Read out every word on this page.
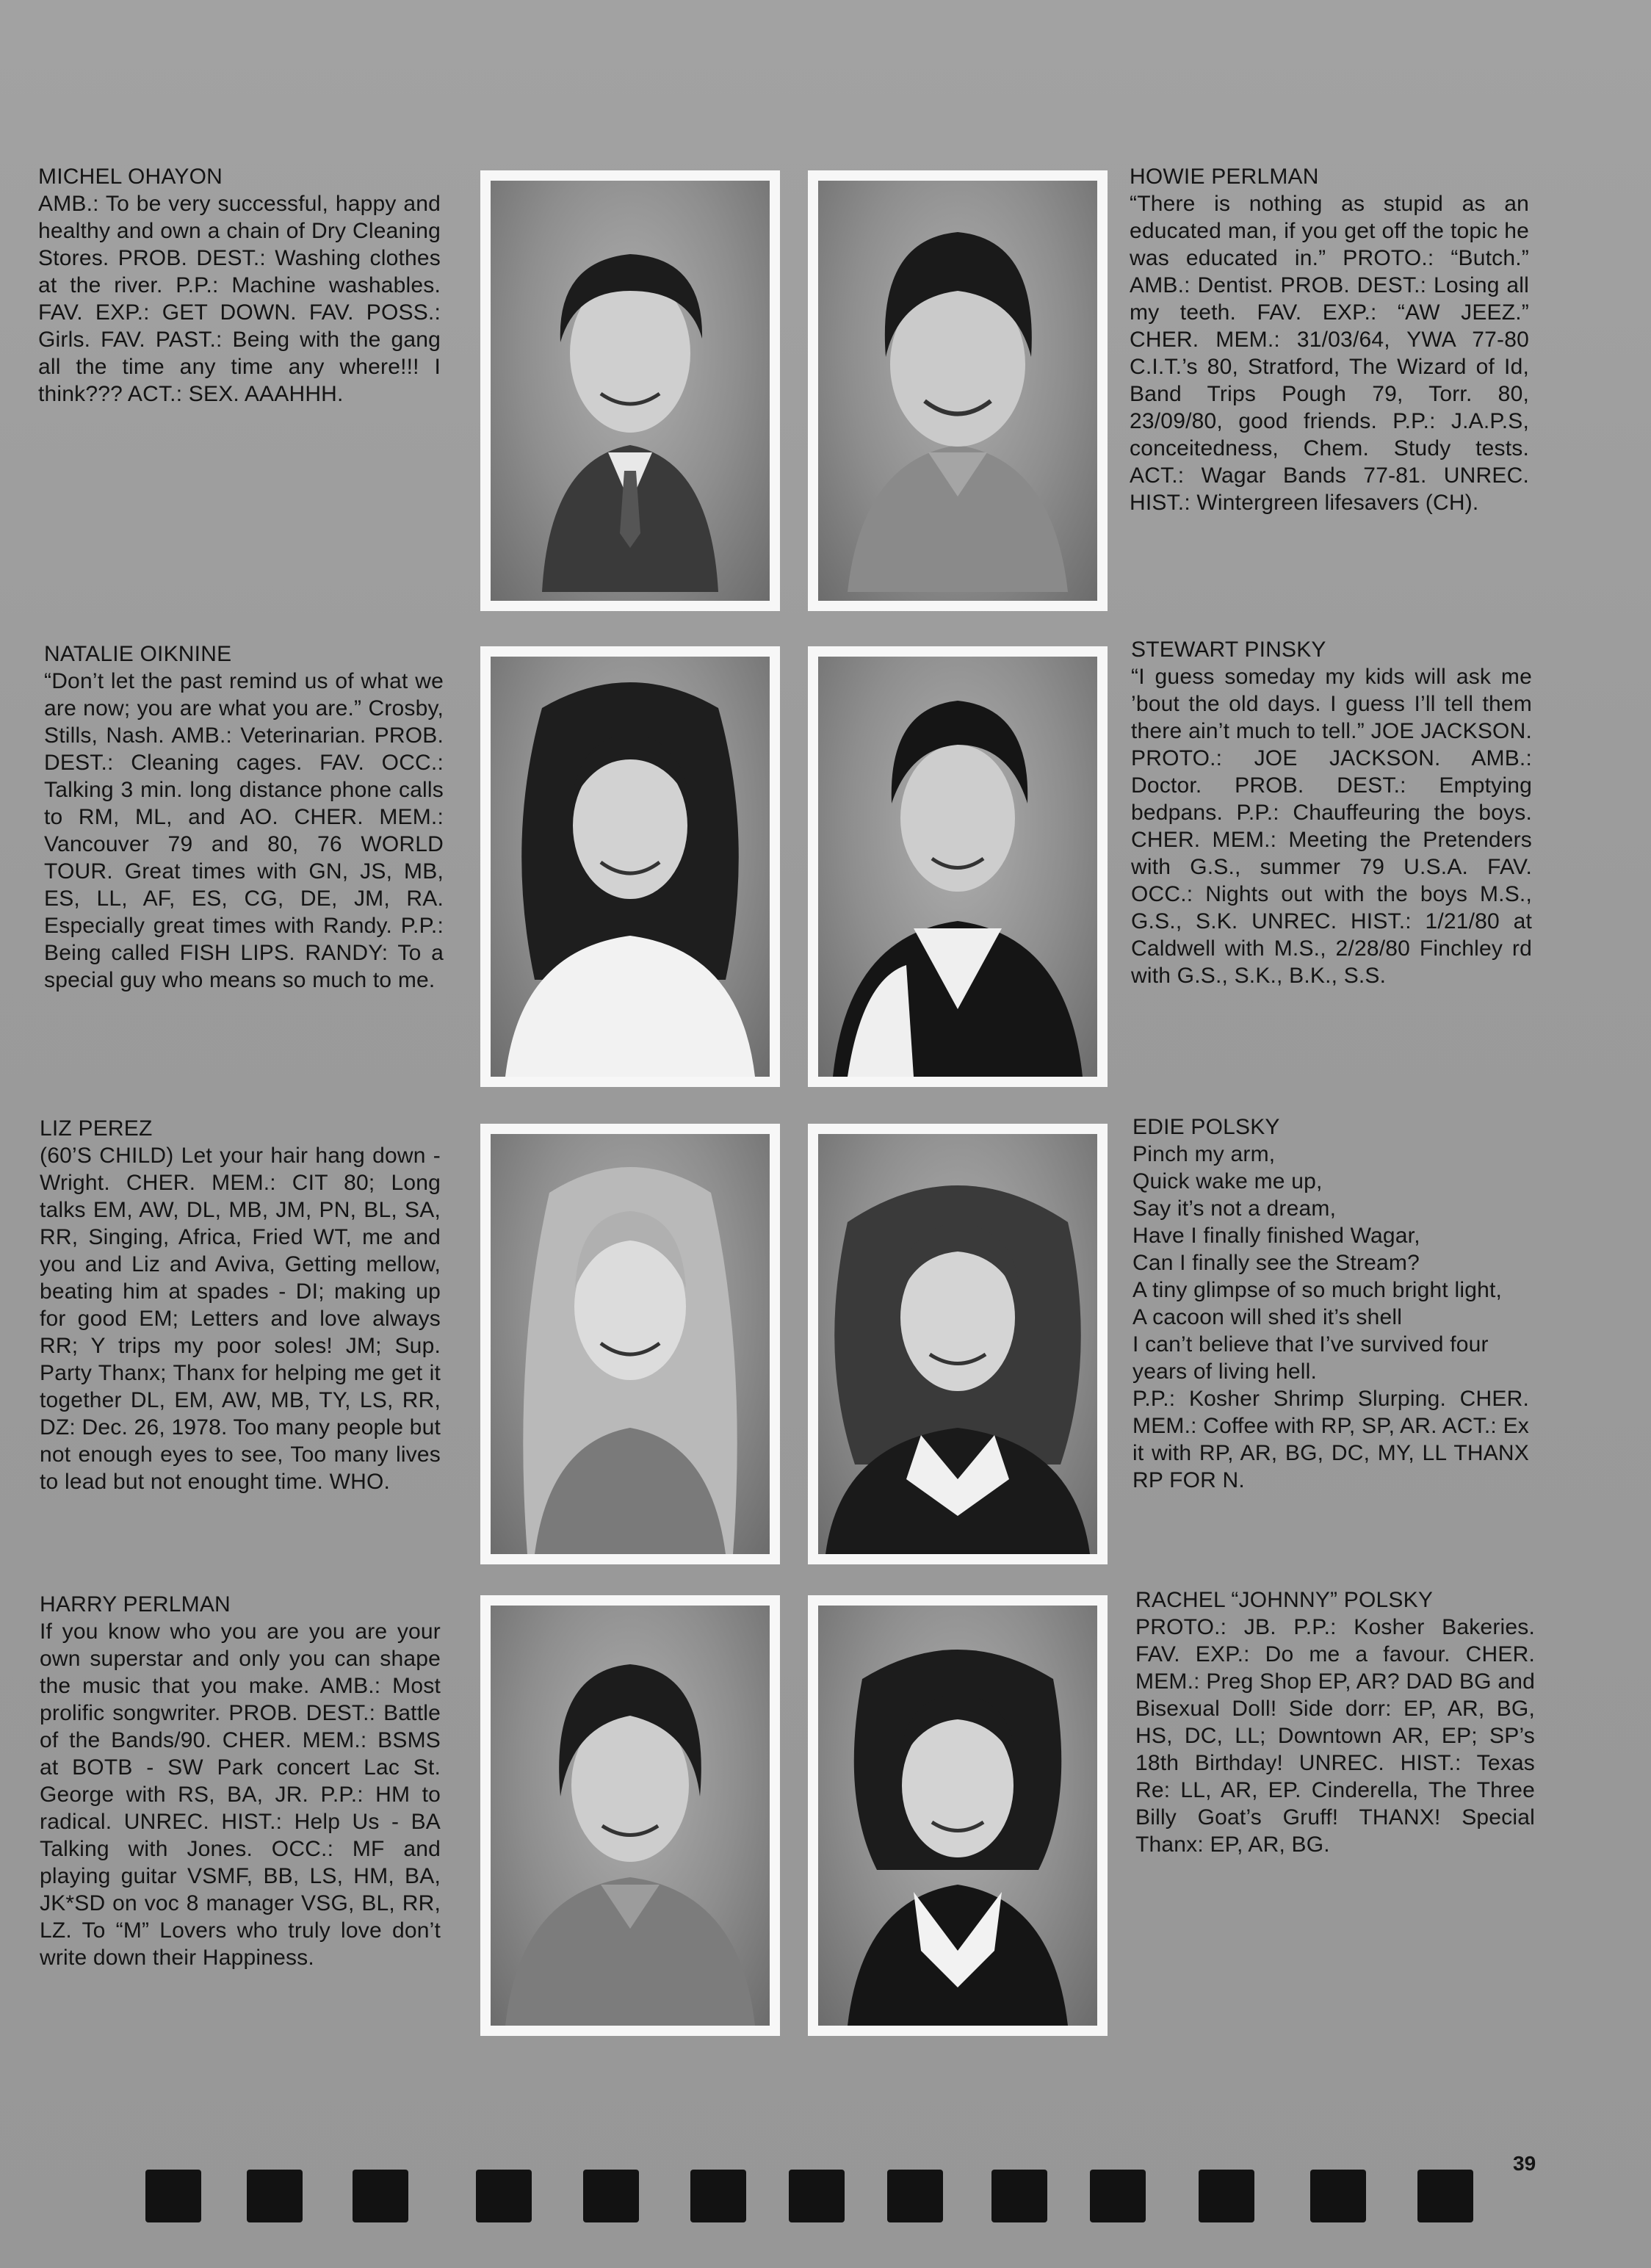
MICHEL OHAYON
AMB.: To be very successful, happy and healthy and own a chain of Dry Cleaning Stores. PROB. DEST.: Washing clothes at the river. P.P.: Machine washables. FAV. EXP.: GET DOWN. FAV. POSS.: Girls. FAV. PAST.: Being with the gang all the time any time any where!!! I think??? ACT.: SEX. AAAHHH.
HOWIE PERLMAN
“There is nothing as stupid as an educated man, if you get off the topic he was educated in.” PROTO.: “Butch.” AMB.: Dentist. PROB. DEST.: Losing all my teeth. FAV. EXP.: “AW JEEZ.” CHER. MEM.: 31/03/64, YWA 77-80 C.I.T.’s 80, Stratford, The Wizard of Id, Band Trips Pough 79, Torr. 80, 23/09/80, good friends. P.P.: J.A.P.S, conceitedness, Chem. Study tests. ACT.: Wagar Bands 77-81. UNREC. HIST.: Wintergreen lifesavers (CH).
NATALIE OIKNINE
“Don’t let the past remind us of what we are now; you are what you are.” Crosby, Stills, Nash. AMB.: Veterinarian. PROB. DEST.: Cleaning cages. FAV. OCC.: Talking 3 min. long distance phone calls to RM, ML, and AO. CHER. MEM.: Vancouver 79 and 80, 76 WORLD TOUR. Great times with GN, JS, MB, ES, LL, AF, ES, CG, DE, JM, RA. Especially great times with Randy. P.P.: Being called FISH LIPS. RANDY: To a special guy who means so much to me.
STEWART PINSKY
“I guess someday my kids will ask me ’bout the old days. I guess I’ll tell them there ain’t much to tell.” JOE JACKSON. PROTO.: JOE JACKSON. AMB.: Doctor. PROB. DEST.: Emptying bedpans. P.P.: Chauffeuring the boys. CHER. MEM.: Meeting the Pretenders with G.S., summer 79 U.S.A. FAV. OCC.: Nights out with the boys M.S., G.S., S.K. UNREC. HIST.: 1/21/80 at Caldwell with M.S., 2/28/80 Finchley rd with G.S., S.K., B.K., S.S.
LIZ PEREZ
(60’S CHILD) Let your hair hang down - Wright. CHER. MEM.: CIT 80; Long talks EM, AW, DL, MB, JM, PN, BL, SA, RR, Singing, Africa, Fried WT, me and you and Liz and Aviva, Getting mellow, beating him at spades - DI; making up for good EM; Letters and love always RR; Y trips my poor soles! JM; Sup. Party Thanx; Thanx for helping me get it together DL, EM, AW, MB, TY, LS, RR, DZ: Dec. 26, 1978. Too many people but not enough eyes to see, Too many lives to lead but not enought time. WHO.
EDIE POLSKY
Pinch my arm,
Quick wake me up,
Say it’s not a dream,
Have I finally finished Wagar,
Can I finally see the Stream?
A tiny glimpse of so much bright light,
A cacoon will shed it’s shell
I can’t believe that I’ve survived four years of living hell.
P.P.: Kosher Shrimp Slurping. CHER. MEM.: Coffee with RP, SP, AR. ACT.: Ex it with RP, AR, BG, DC, MY, LL THANX RP FOR N.
HARRY PERLMAN
If you know who you are you are your own superstar and only you can shape the music that you make. AMB.: Most prolific songwriter. PROB. DEST.: Battle of the Bands/90. CHER. MEM.: BSMS at BOTB - SW Park concert Lac St. George with RS, BA, JR. P.P.: HM to radical. UNREC. HIST.: Help Us - BA Talking with Jones. OCC.: MF and playing guitar VSMF, BB, LS, HM, BA, JK*SD on voc 8 manager VSG, BL, RR, LZ. To “M” Lovers who truly love don’t write down their Happiness.
RACHEL “JOHNNY” POLSKY
PROTO.: JB. P.P.: Kosher Bakeries. FAV. EXP.: Do me a favour. CHER. MEM.: Preg Shop EP, AR? DAD BG and Bisexual Doll! Side dorr: EP, AR, BG, HS, DC, LL; Downtown AR, EP; SP’s 18th Birthday! UNREC. HIST.: Texas Re: LL, AR, EP. Cinderella, The Three Billy Goat’s Gruff! THANX! Special Thanx: EP, AR, BG.
39
